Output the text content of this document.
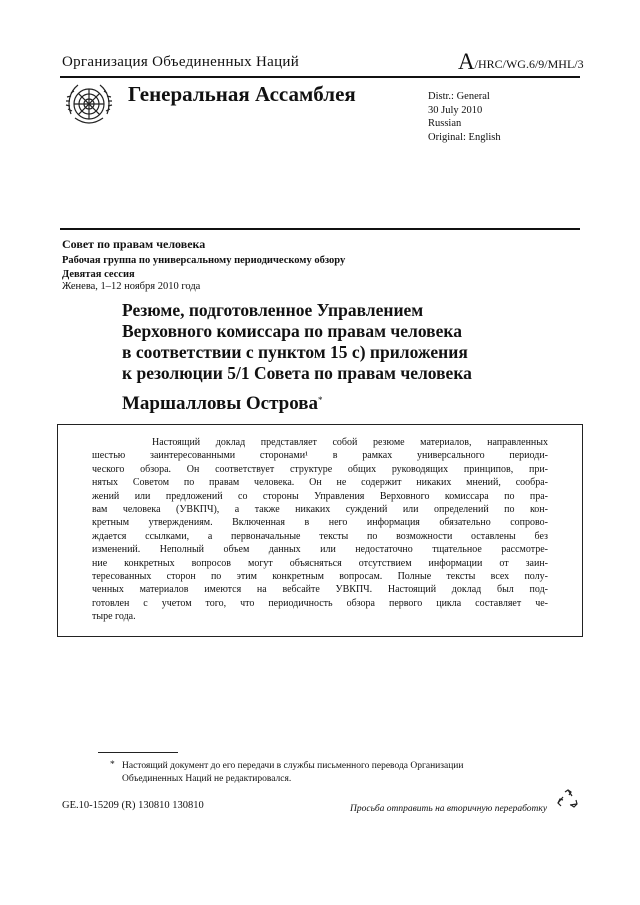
Организация Объединенных Наций	A/HRC/WG.6/9/MHL/3
Генеральная Ассамблея	Distr.: General
30 July 2010
Russian
Original: English
Совет по правам человека
Рабочая группа по универсальному периодическому обзору
Девятая сессия
Женева, 1–12 ноября 2010 года
Резюме, подготовленное Управлением
Верховного комиссара по правам человека
в соответствии с пунктом 15 c) приложения
к резолюции 5/1 Совета по правам человека
Маршалловы Острова*
Настоящий доклад представляет собой резюме материалов, направленных
шестью заинтересованными сторонами¹ в рамках универсального периоди-
ческого обзора. Он соответствует структуре общих руководящих принципов, при-
нятых Советом по правам человека. Он не содержит никаких мнений, сообра-
жений или предложений со стороны Управления Верховного комиссара по пра-
вам человека (УВКПЧ), а также никаких суждений или определений по кон-
кретным утверждениям. Включенная в него информация обязательно сопрово-
ждается ссылками, а первоначальные тексты по возможности оставлены без
изменений. Неполный объем данных или недостаточно тщательное рассмотре-
ние конкретных вопросов могут объясняться отсутствием информации от заин-
тересованных сторон по этим конкретным вопросам. Полные тексты всех полу-
ченных материалов имеются на вебсайте УВКПЧ. Настоящий доклад был под-
готовлен с учетом того, что периодичность обзора первого цикла составляет че-
тыре года.
* Настоящий документ до его передачи в службы письменного перевода Организации
Объединенных Наций не редактировался.
GE.10-15209 (R) 130810 130810	Просьба отправить на вторичную переработку
